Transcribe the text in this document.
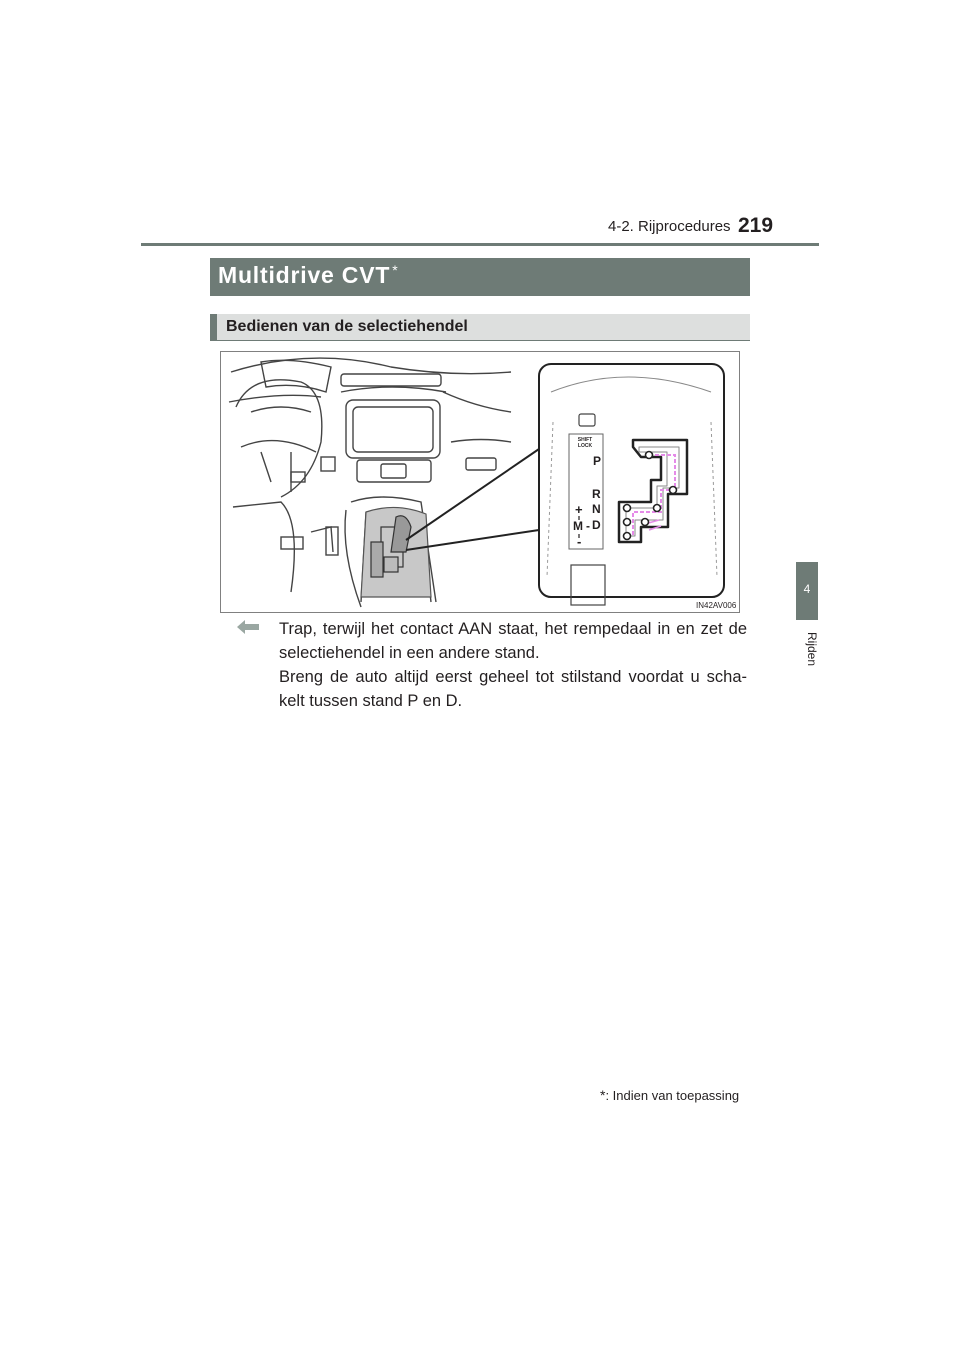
4-2. Rijprocedures 219
4
Rijden
Multidrive CVT *
Bedienen van de selectiehendel
SHIFT
LOCK
P
R
N
D
+
M -
-
IN42AV006

Trap, terwijl het contact AAN staat, het rempedaal in en zet de selectiehendel in een andere stand.

Breng de auto altijd eerst geheel tot stilstand voordat u scha-kelt tussen stand P en D.

*: Indien van toepassing
